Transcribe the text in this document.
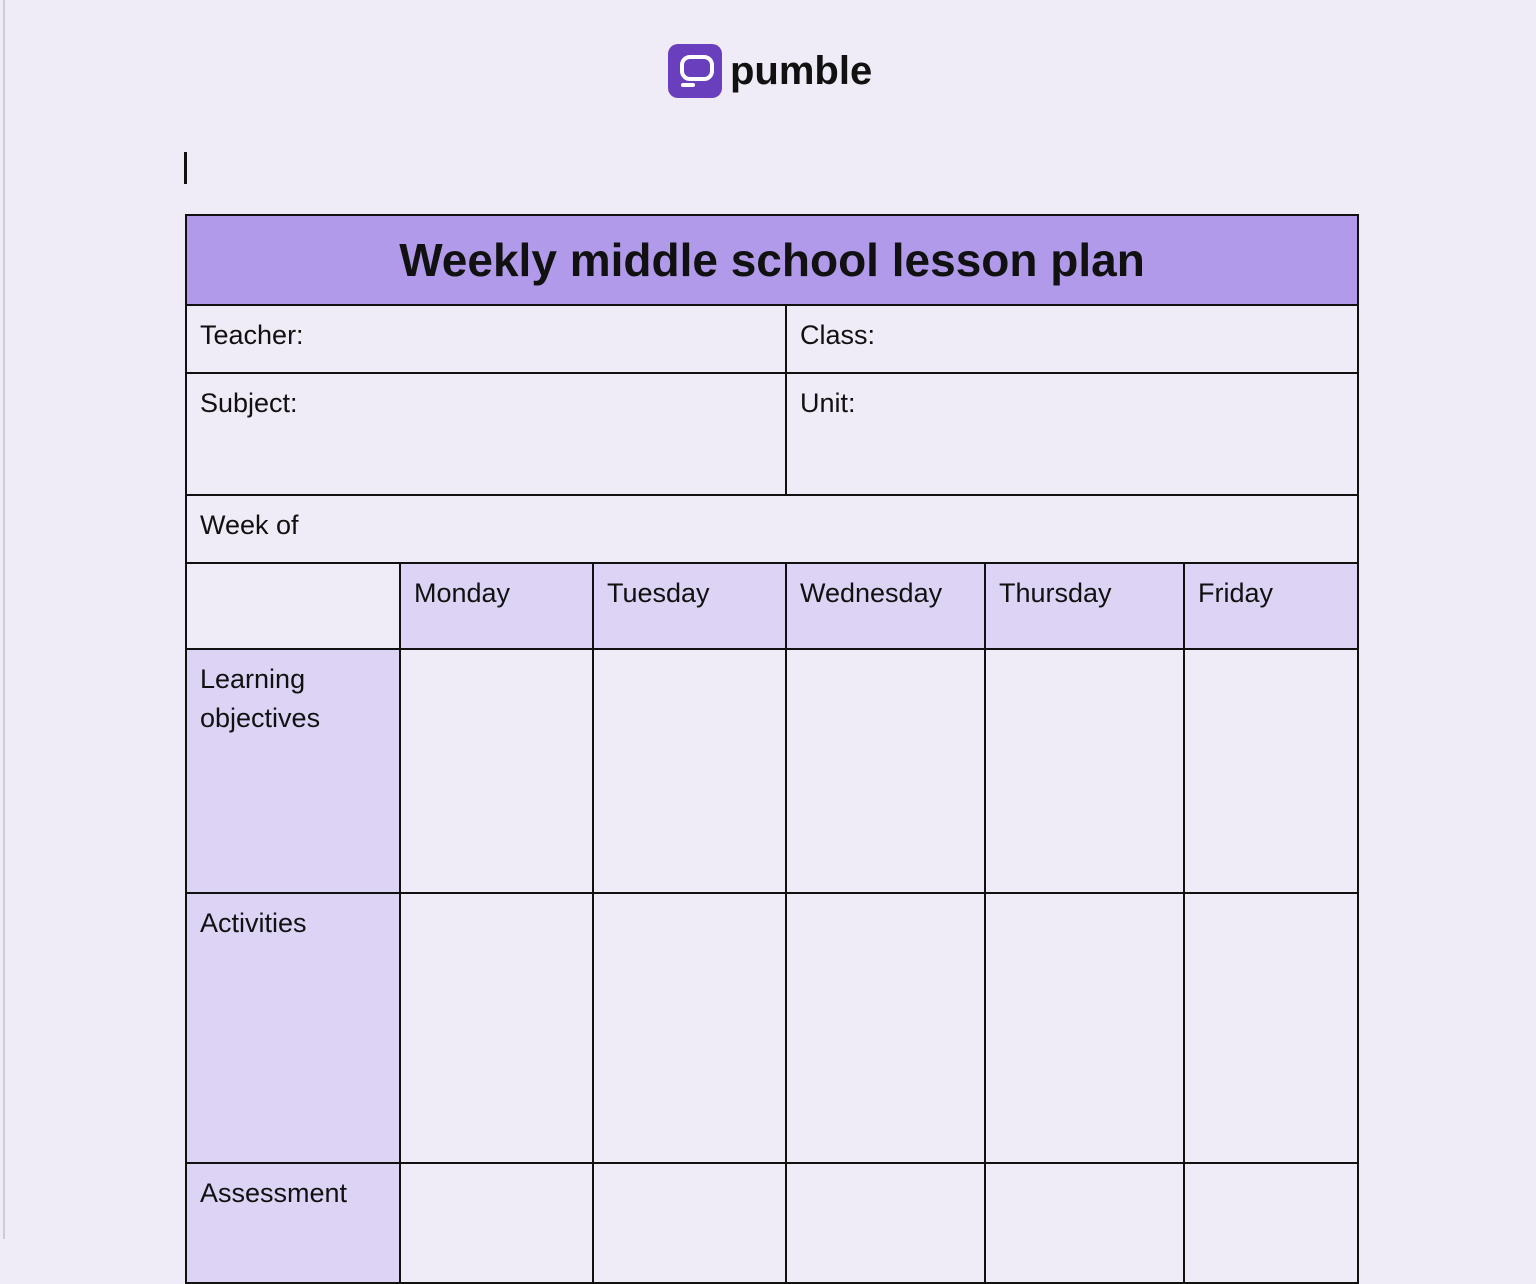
pumble
Weekly middle school lesson plan					
Teacher:			Class:		
Subject:			Unit:		
Week of					
	Monday	Tuesday	Wednesday	Thursday	Friday
Learning objectives					
Activities					
Assessment					
